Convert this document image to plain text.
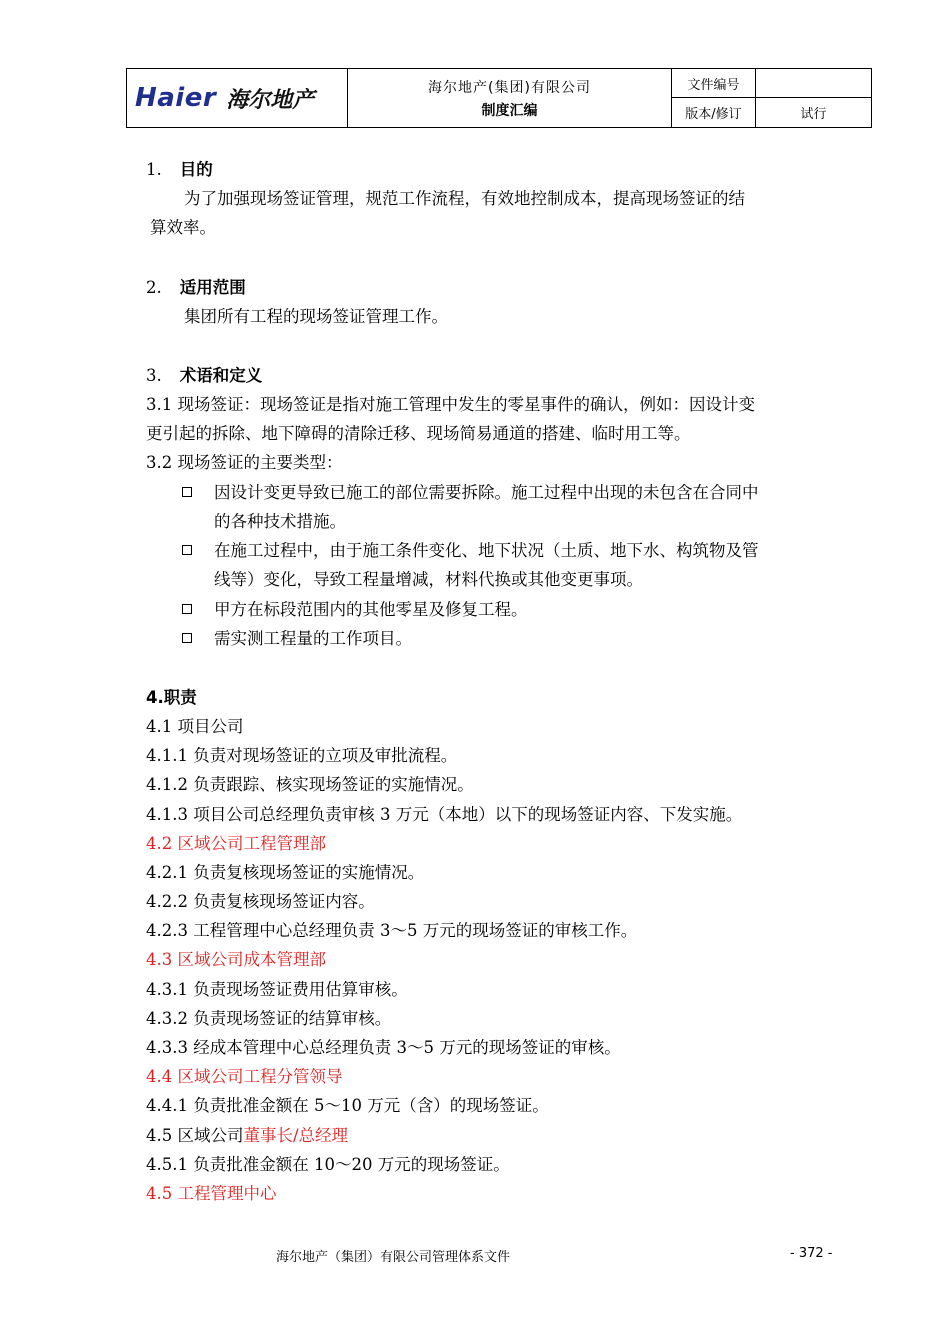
Haier 海尔地产	海尔地产(集团)有限公司
制度汇编
文件编号
版本/修订	试行
1. 目的
为了加强现场签证管理，规范工作流程，有效地控制成本，提高现场签证的结
算效率。
2. 适用范围
集团所有工程的现场签证管理工作。
3. 术语和定义
3.1 现场签证：现场签证是指对施工管理中发生的零星事件的确认，例如：因设计变
更引起的拆除、地下障碍的清除迁移、现场简易通道的搭建、临时用工等。
3.2 现场签证的主要类型：
因设计变更导致已施工的部位需要拆除。施工过程中出现的未包含在合同中
的各种技术措施。
在施工过程中，由于施工条件变化、地下状况（土质、地下水、构筑物及管
线等）变化，导致工程量增减，材料代换或其他变更事项。
甲方在标段范围内的其他零星及修复工程。
需实测工程量的工作项目。
4.职责
4.1 项目公司
4.1.1 负责对现场签证的立项及审批流程。
4.1.2 负责跟踪、核实现场签证的实施情况。
4.1.3 项目公司总经理负责审核 3 万元（本地）以下的现场签证内容、下发实施。
4.2 区域公司工程管理部
4.2.1 负责复核现场签证的实施情况。
4.2.2 负责复核现场签证内容。
4.2.3 工程管理中心总经理负责 3～5 万元的现场签证的审核工作。
4.3 区域公司成本管理部
4.3.1 负责现场签证费用估算审核。
4.3.2 负责现场签证的结算审核。
4.3.3 经成本管理中心总经理负责 3～5 万元的现场签证的审核。
4.4 区域公司工程分管领导
4.4.1 负责批准金额在 5～10 万元（含）的现场签证。
4.5 区域公司董事长/总经理
4.5.1 负责批准金额在 10～20 万元的现场签证。
4.5 工程管理中心
海尔地产（集团）有限公司管理体系文件	- 372 -
